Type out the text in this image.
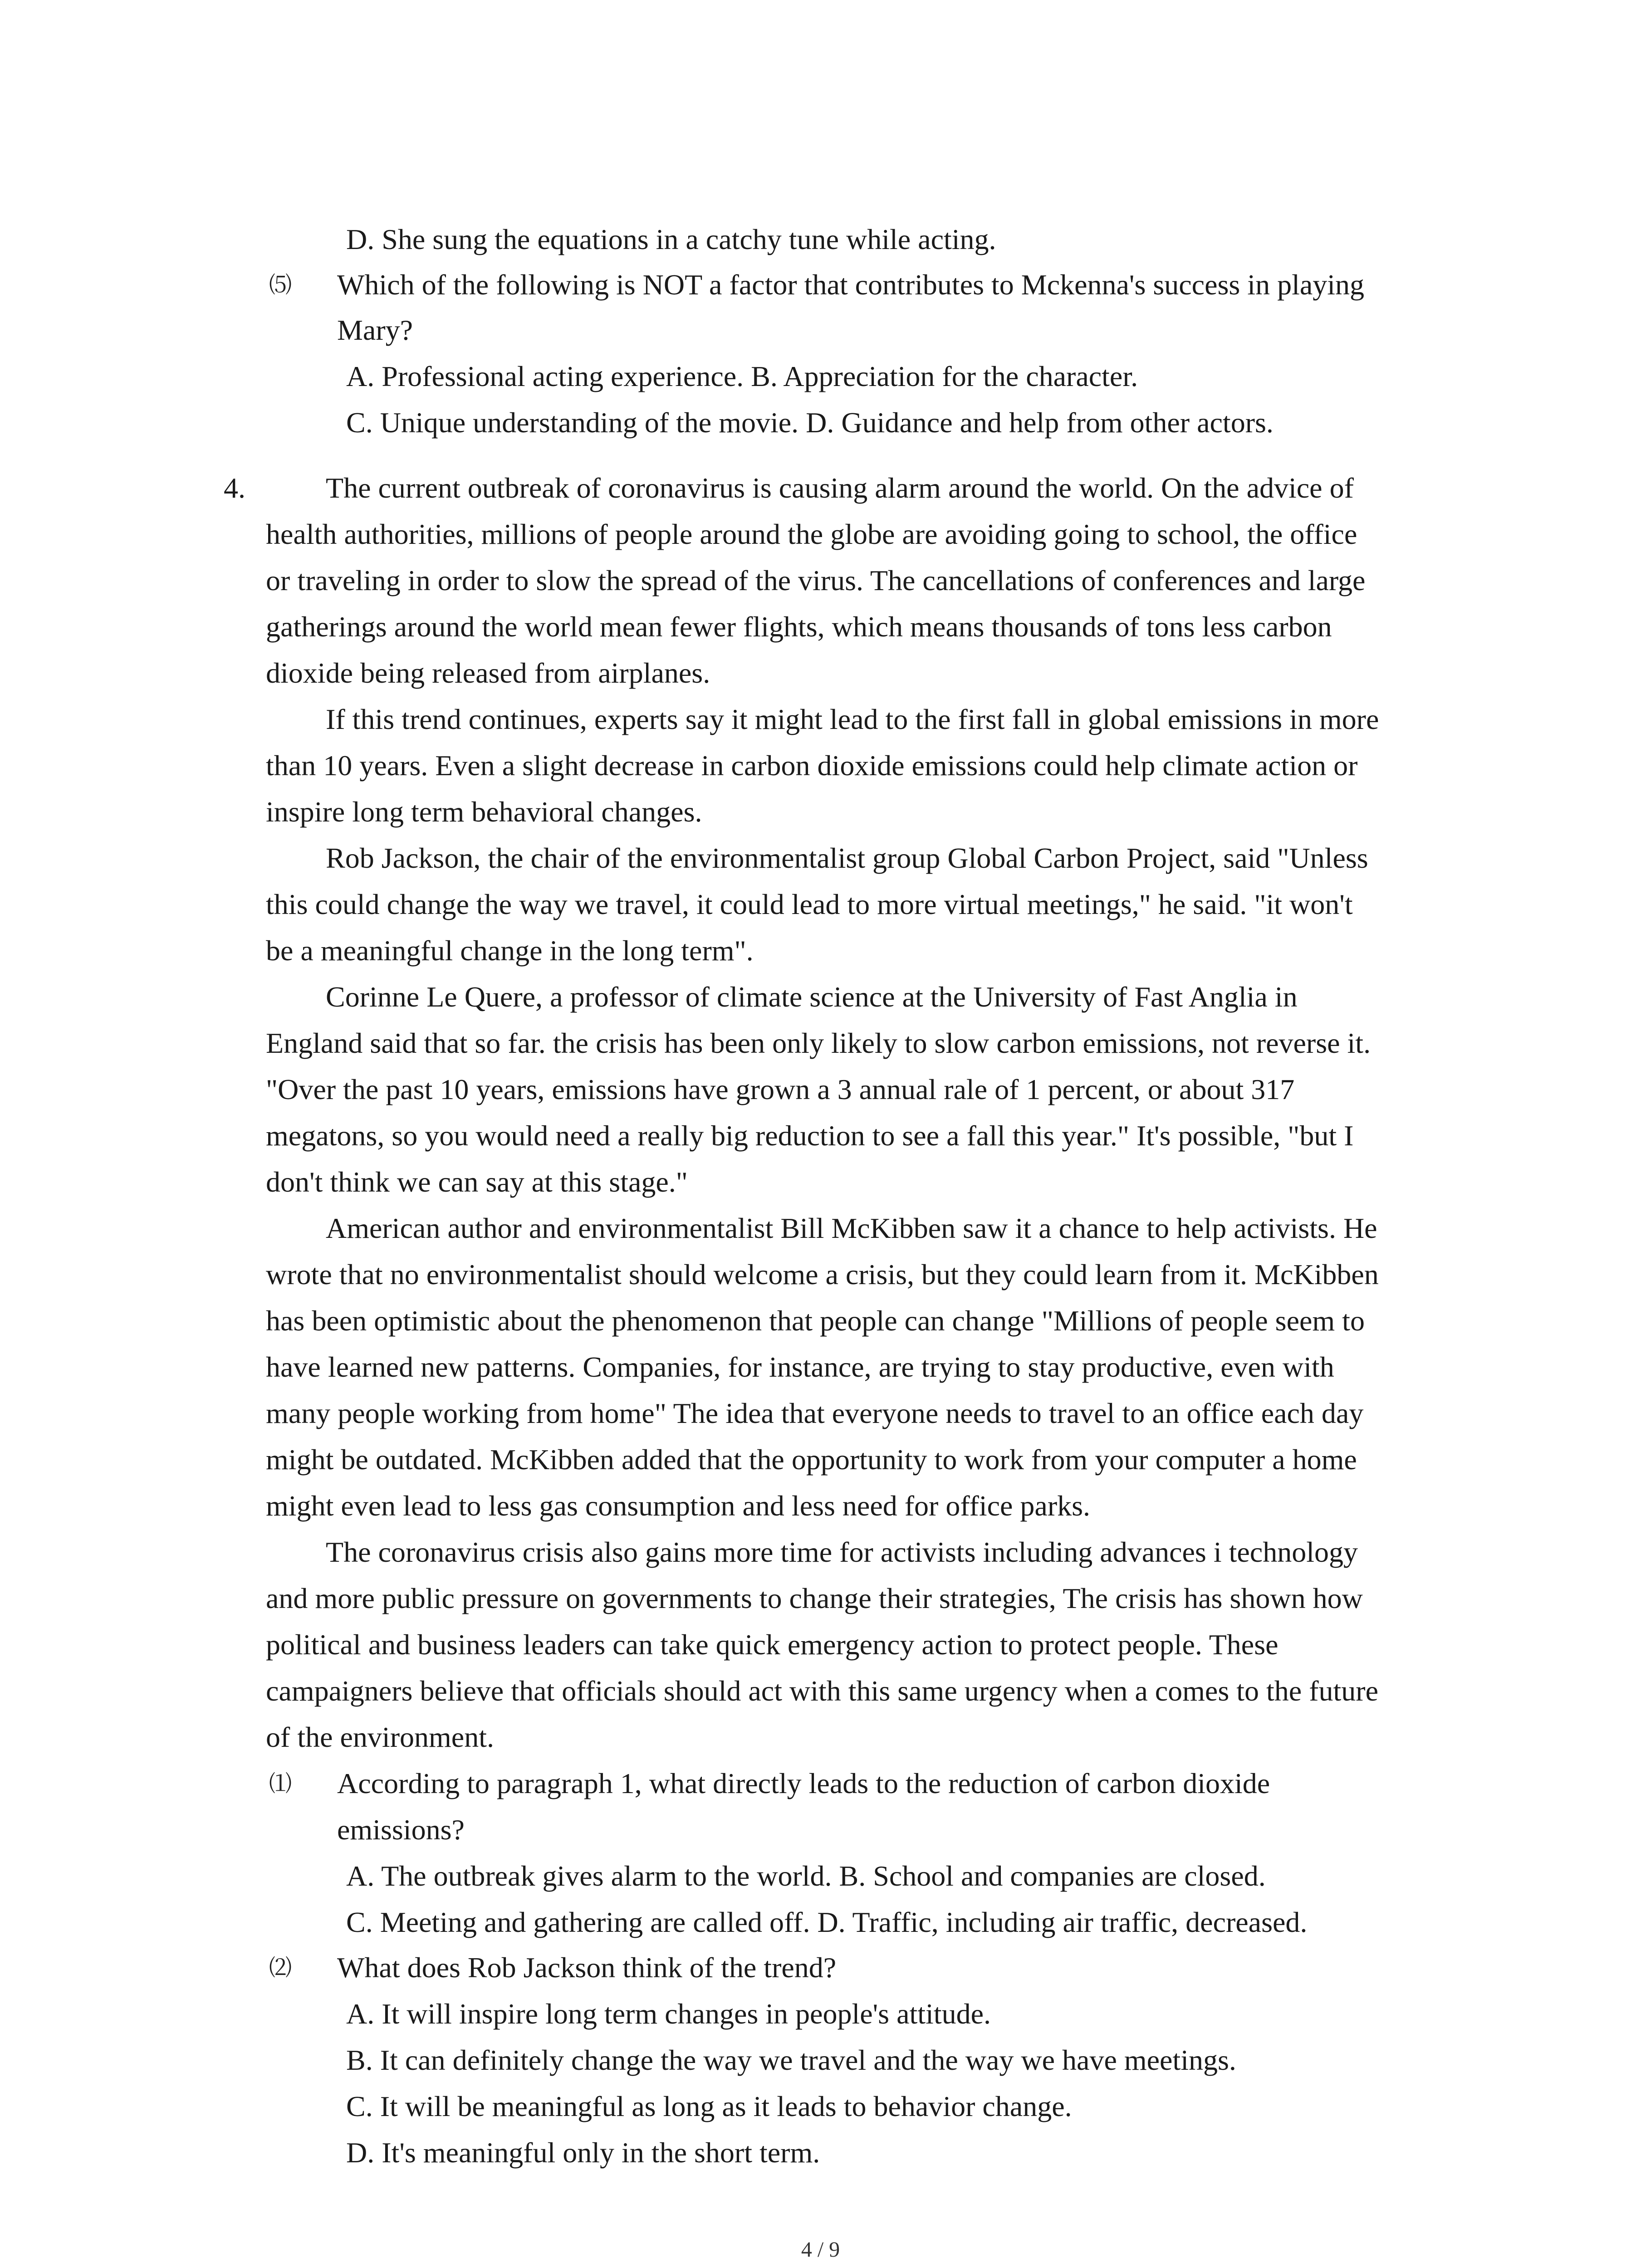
D. She sung the equations in a catchy tune while acting.
⑸ Which of the following is NOT a factor that contributes to Mckenna's success in playing
Mary?
A. Professional acting experience. B. Appreciation for the character.
C. Unique understanding of the movie. D. Guidance and help from other actors.
4.	The current outbreak of coronavirus is causing alarm around the world. On the advice of
health authorities, millions of people around the globe are avoiding going to school, the office
or traveling in order to slow the spread of the virus. The cancellations of conferences and large
gatherings around the world mean fewer flights, which means thousands of tons less carbon
dioxide being released from airplanes.
If this trend continues, experts say it might lead to the first fall in global emissions in more
than 10 years. Even a slight decrease in carbon dioxide emissions could help climate action or
inspire long term behavioral changes.
Rob Jackson, the chair of the environmentalist group Global Carbon Project, said "Unless
this could change the way we travel, it could lead to more virtual meetings," he said. "it won't
be a meaningful change in the long term".
Corinne Le Quere, a professor of climate science at the University of Fast Anglia in
England said that so far. the crisis has been only likely to slow carbon emissions, not reverse it.
"Over the past 10 years, emissions have grown a 3 annual rale of 1 percent, or about 317
megatons, so you would need a really big reduction to see a fall this year." It's possible, "but I
don't think we can say at this stage."
American author and environmentalist Bill McKibben saw it a chance to help activists. He
wrote that no environmentalist should welcome a crisis, but they could learn from it. McKibben
has been optimistic about the phenomenon that people can change "Millions of people seem to
have learned new patterns. Companies, for instance, are trying to stay productive, even with
many people working from home" The idea that everyone needs to travel to an office each day
might be outdated. McKibben added that the opportunity to work from your computer a home
might even lead to less gas consumption and less need for office parks.
The coronavirus crisis also gains more time for activists including advances i technology
and more public pressure on governments to change their strategies, The crisis has shown how
political and business leaders can take quick emergency action to protect people. These
campaigners believe that officials should act with this same urgency when a comes to the future
of the environment.
⑴ According to paragraph 1, what directly leads to the reduction of carbon dioxide
emissions?
A. The outbreak gives alarm to the world. B. School and companies are closed.
C. Meeting and gathering are called off. D. Traffic, including air traffic, decreased.
⑵ What does Rob Jackson think of the trend?
A. It will inspire long term changes in people's attitude.
B. It can definitely change the way we travel and the way we have meetings.
C. It will be meaningful as long as it leads to behavior change.
D. It's meaningful only in the short term.
4 / 9
